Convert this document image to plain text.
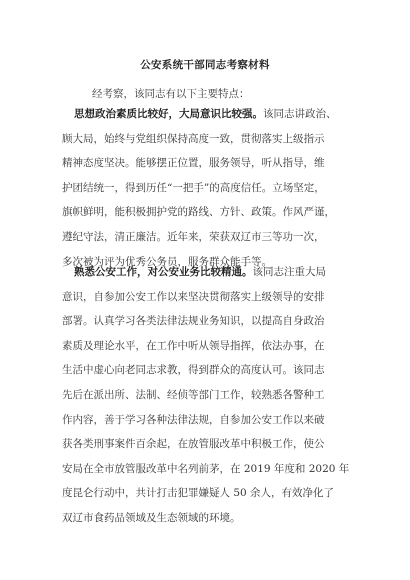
公安系统干部同志考察材料
经考察，该同志有以下主要特点：
思想政治素质比较好，大局意识比较强。该同志讲政治、
顾大局，始终与党组织保持高度一致，贯彻落实上级指示
精神态度坚决。能够摆正位置，服务领导，听从指导，维
护团结统一，得到历任“一把手”的高度信任。立场坚定，
旗帜鲜明，能积极拥护党的路线、方针、政策。作风严谨，
遵纪守法，清正廉洁。近年来，荣获双辽市三等功一次，
多次被为评为优秀公务员，服务群众能手等。
熟悉公安工作，对公安业务比较精通。该同志注重大局
意识，自参加公安工作以来坚决贯彻落实上级领导的安排
部署。认真学习各类法律法规业务知识，以提高自身政治
素质及理论水平，在工作中听从领导指挥，依法办事，在
生活中虚心向老同志求教，得到群众的高度认可。该同志
先后在派出所、法制、经侦等部门工作，较熟悉各警种工
作内容，善于学习各种法律法规，自参加公安工作以来破
获各类刑事案件百余起，在放管服改革中积极工作，使公
安局在全市放管服改革中名列前茅，在 2019 年度和 2020 年
度昆仑行动中，共计打击犯罪嫌疑人 50 余人，有效净化了
双辽市食药品领域及生态领域的环境。
